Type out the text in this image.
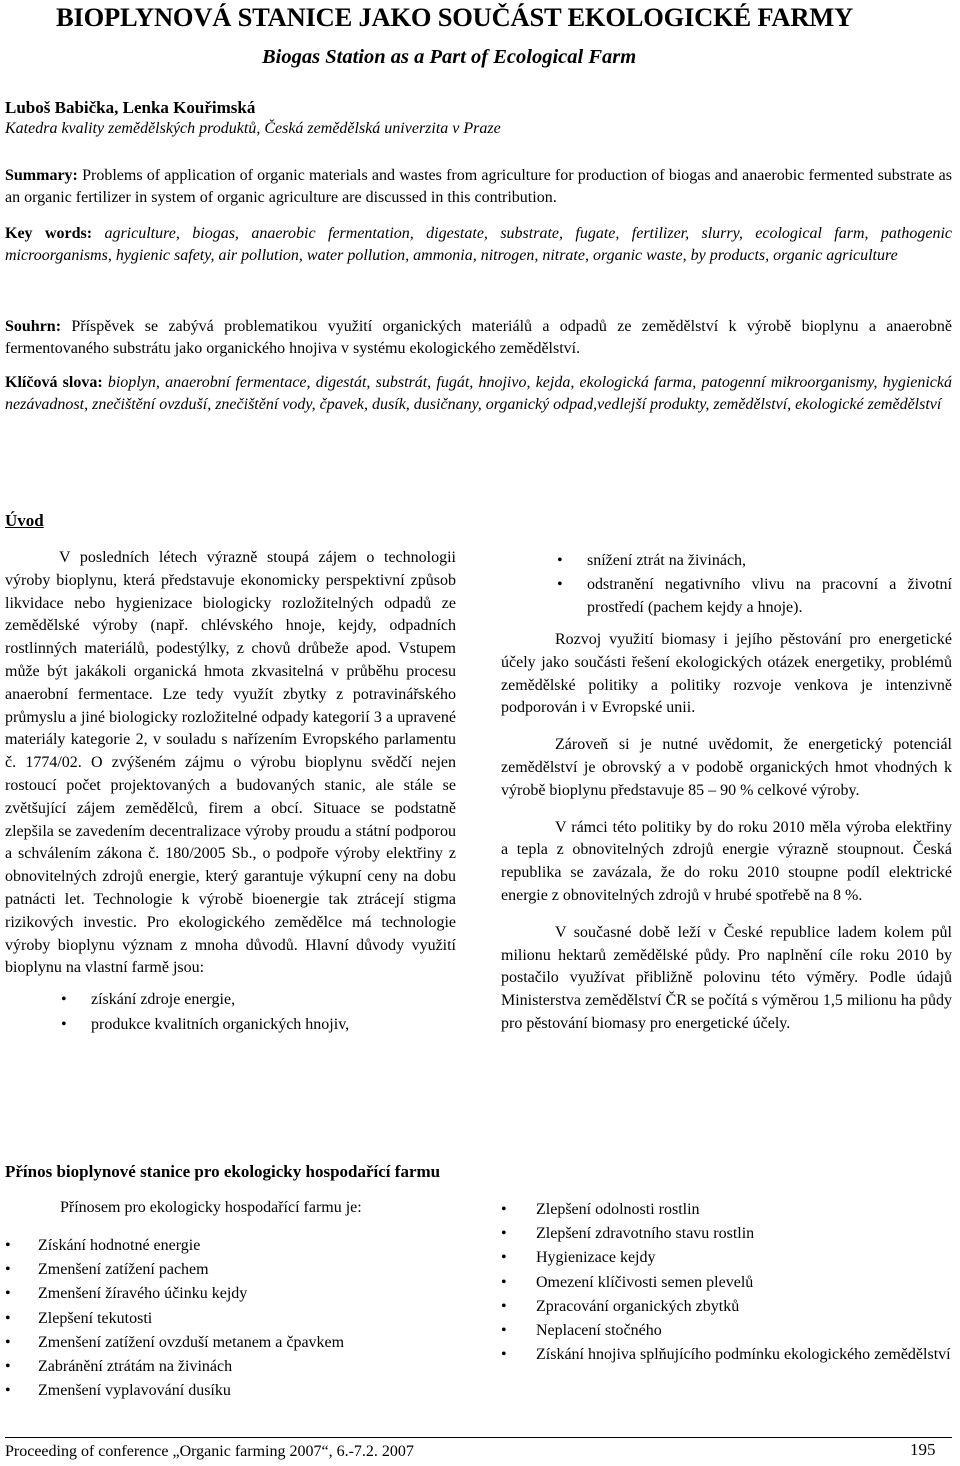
BIOPLYNOVÁ STANICE JAKO SOUČÁST EKOLOGICKÉ FARMY
Biogas Station as a Part of Ecological Farm
Luboš Babička, Lenka Kouřimská
Katedra kvality zemědělských produktů, Česká zemědělská univerzita v Praze
Summary: Problems of application of organic materials and wastes from agriculture for production of biogas and anaerobic fermented substrate as an organic fertilizer in system of organic agriculture are discussed in this contribution.
Key words: agriculture, biogas, anaerobic fermentation, digestate, substrate, fugate, fertilizer, slurry, ecological farm, pathogenic microorganisms, hygienic safety, air pollution, water pollution, ammonia, nitrogen, nitrate, organic waste, by products, organic agriculture
Souhrn: Příspěvek se zabývá problematikou využití organických materiálů a odpadů ze zemědělství k výrobě bioplynu a anaerobně fermentovaného substrátu jako organického hnojiva v systému ekologického zemědělství.
Klíčová slova: bioplyn, anaerobní fermentace, digestát, substrát, fugát, hnojivo, kejda, ekologická farma, patogenní mikroorganismy, hygienická nezávadnost, znečištění ovzduší, znečištění vody, čpavek, dusík, dusičnany, organický odpad,vedlejší produkty, zemědělství, ekologické zemědělství
Úvod
V posledních létech výrazně stoupá zájem o technologii výroby bioplynu, která představuje ekonomicky perspektivní způsob likvidace nebo hygienizace biologicky rozložitelných odpadů ze zemědělské výroby (např. chlévského hnoje, kejdy, odpadních rostlinných materiálů, podestýlky, z chovů drůbeže apod. Vstupem může být jakákoli organická hmota zkvasitelná v průběhu procesu anaerobní fermentace. Lze tedy využít zbytky z potravinářského průmyslu a jiné biologicky rozložitelné odpady kategorií 3 a upravené materiály kategorie 2, v souladu s nařízením Evropského parlamentu č. 1774/02. O zvýšeném zájmu o výrobu bioplynu svědčí nejen rostoucí počet projektovaných a budovaných stanic, ale stále se zvětšující zájem zemědělců, firem a obcí. Situace se podstatně zlepšila se zavedením decentralizace výroby proudu a státní podporou a schválením zákona č. 180/2005 Sb., o podpoře výroby elektřiny z obnovitelných zdrojů energie, který garantuje výkupní ceny na dobu patnácti let. Technologie k výrobě bioenergie tak ztrácejí stigma rizikových investic. Pro ekologického zemědělce má technologie výroby bioplynu význam z mnoha důvodů. Hlavní důvody využití bioplynu na vlastní farmě jsou:
• získání zdroje energie,
• produkce kvalitních organických hnojiv,
• snížení ztrát na živinách,
• odstranění negativního vlivu na pracovní a životní prostředí (pachem kejdy a hnoje).
Rozvoj využití biomasy i jejího pěstování pro energetické účely jako součásti řešení ekologických otázek energetiky, problémů zemědělské politiky a politiky rozvoje venkova je intenzivně podporován i v Evropské unii.
Zároveň si je nutné uvědomit, že energetický potenciál zemědělství je obrovský a v podobě organických hmot vhodných k výrobě bioplynu představuje 85 – 90 % celkové výroby.
V rámci této politiky by do roku 2010 měla výroba elektřiny a tepla z obnovitelných zdrojů energie výrazně stoupnout. Česká republika se zavázala, že do roku 2010 stoupne podíl elektrické energie z obnovitelných zdrojů v hrubé spotřebě na 8 %.
V současné době leží v České republice ladem kolem půl milionu hektarů zemědělské půdy. Pro naplnění cíle roku 2010 by postačilo využívat přibližně polovinu této výměry. Podle údajů Ministerstva zemědělství ČR se počítá s výměrou 1,5 milionu ha půdy pro pěstování biomasy pro energetické účely.
Přínos bioplynové stanice pro ekologicky hospodařící farmu
Přínosem pro ekologicky hospodařící farmu je:
• Získání hodnotné energie
• Zmenšení zatížení pachem
• Zmenšení žíravého účinku kejdy
• Zlepšení tekutosti
• Zmenšení zatížení ovzduší metanem a čpavkem
• Zabránění ztrátám na živinách
• Zmenšení vyplavování dusíku
• Zlepšení odolnosti rostlin
• Zlepšení zdravotního stavu rostlin
• Hygienizace kejdy
• Omezení klíčivosti semen plevelů
• Zpracování organických zbytků
• Neplacení stočného
• Získání hnojiva splňujícího podmínku ekologického zemědělství
Proceeding of conference „Organic farming 2007“, 6.-7.2. 2007	195
